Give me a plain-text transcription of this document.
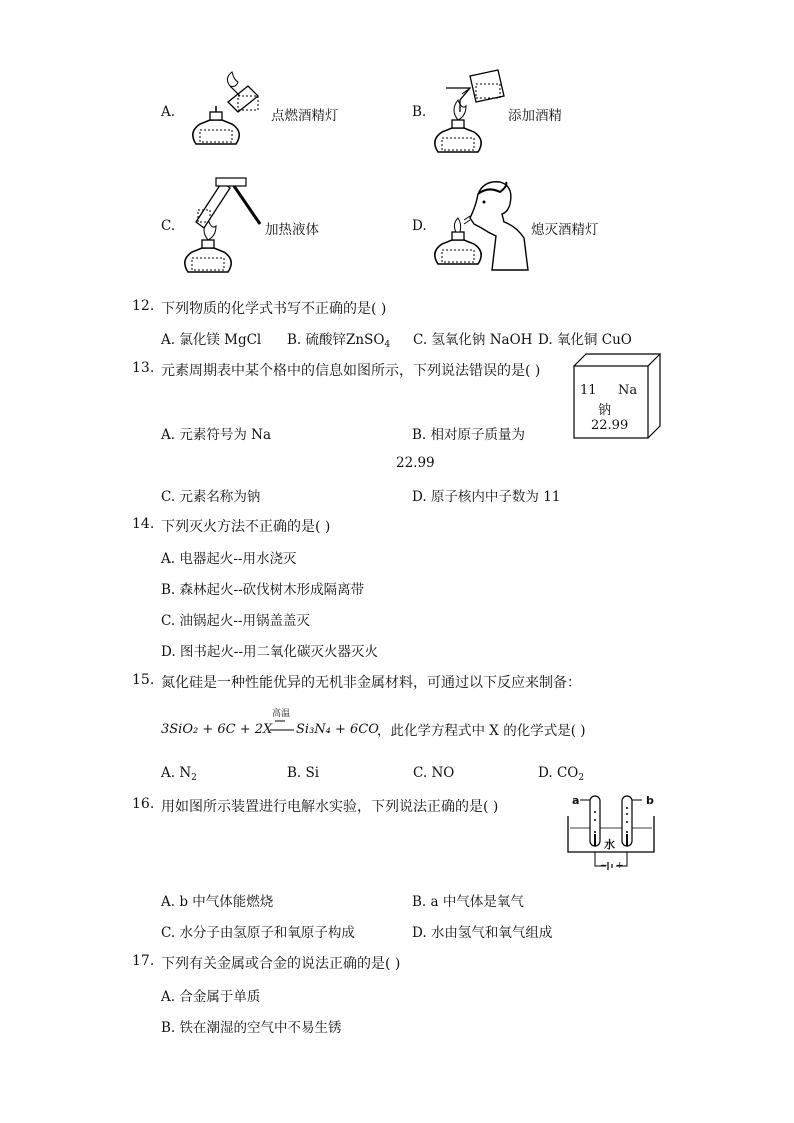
A.	点燃酒精灯	B.	添加酒精
C.	加热液体	D.	熄灭酒精灯
12. 下列物质的化学式书写不正确的是( )
A. 氯化镁 MgCl B. 硫酸锌ZnSO$_4$ C. 氢氧化钠 NaOH D. 氧化铜 CuO
13. 元素周期表中某个格中的信息如图所示，下列说法错误的是( )
11 Na
钠
22.99
A. 元素符号为 Na	B. 相对原子质量为
22.99
C. 元素名称为钠	D. 原子核内中子数为 11
14. 下列灭火方法不正确的是( )
A. 电器起火--用水浇灭
B. 森林起火--砍伐树木形成隔离带
C. 油锅起火--用锅盖盖灭
D. 图书起火--用二氧化碳灭火器灭火
15. 氮化硅是一种性能优异的无机非金属材料，可通过以下反应来制备：
高温
3SiO₂ + 6C + 2X Si₃N₄ + 6CO
，此化学方程式中 X 的化学式是( )
A. $N_2$	B. Si	C. NO	D. $CO_2$
16. 用如图所示装置进行电解水实验，下列说法正确的是( )	a	b
水
− +
A. b 中气体能燃烧	B. a 中气体是氧气
C. 水分子由氢原子和氧原子构成	D. 水由氢气和氧气组成
17. 下列有关金属或合金的说法正确的是( )
A. 合金属于单质
B. 铁在潮湿的空气中不易生锈
